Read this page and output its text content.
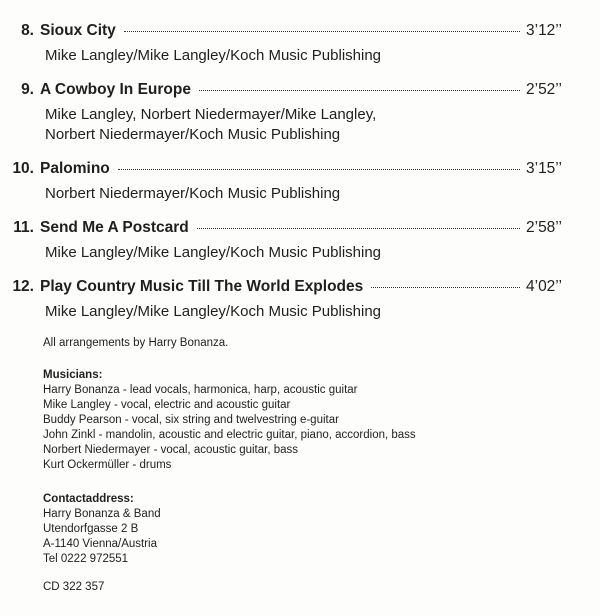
8. Sioux City	3’12’’
Mike Langley/Mike Langley/Koch Music Publishing
9. A Cowboy In Europe	2’52’’
Mike Langley, Norbert Niedermayer/Mike Langley,
Norbert Niedermayer/Koch Music Publishing
10. Palomino	3’15’’
Norbert Niedermayer/Koch Music Publishing
11. Send Me A Postcard	2’58’’
Mike Langley/Mike Langley/Koch Music Publishing
12. Play Country Music Till The World Explodes	4’02’’
Mike Langley/Mike Langley/Koch Music Publishing
All arrangements by Harry Bonanza.
Musicians:
Harry Bonanza - lead vocals, harmonica, harp, acoustic guitar
Mike Langley - vocal, electric and acoustic guitar
Buddy Pearson - vocal, six string and twelvestring e-guitar
John Zinkl - mandolin, acoustic and electric guitar, piano, accordion, bass
Norbert Niedermayer - vocal, acoustic guitar, bass
Kurt Ockermüller - drums
Contactaddress:
Harry Bonanza & Band
Utendorfgasse 2 B
A-1140 Vienna/Austria
Tel 0222 972551
CD 322 357
